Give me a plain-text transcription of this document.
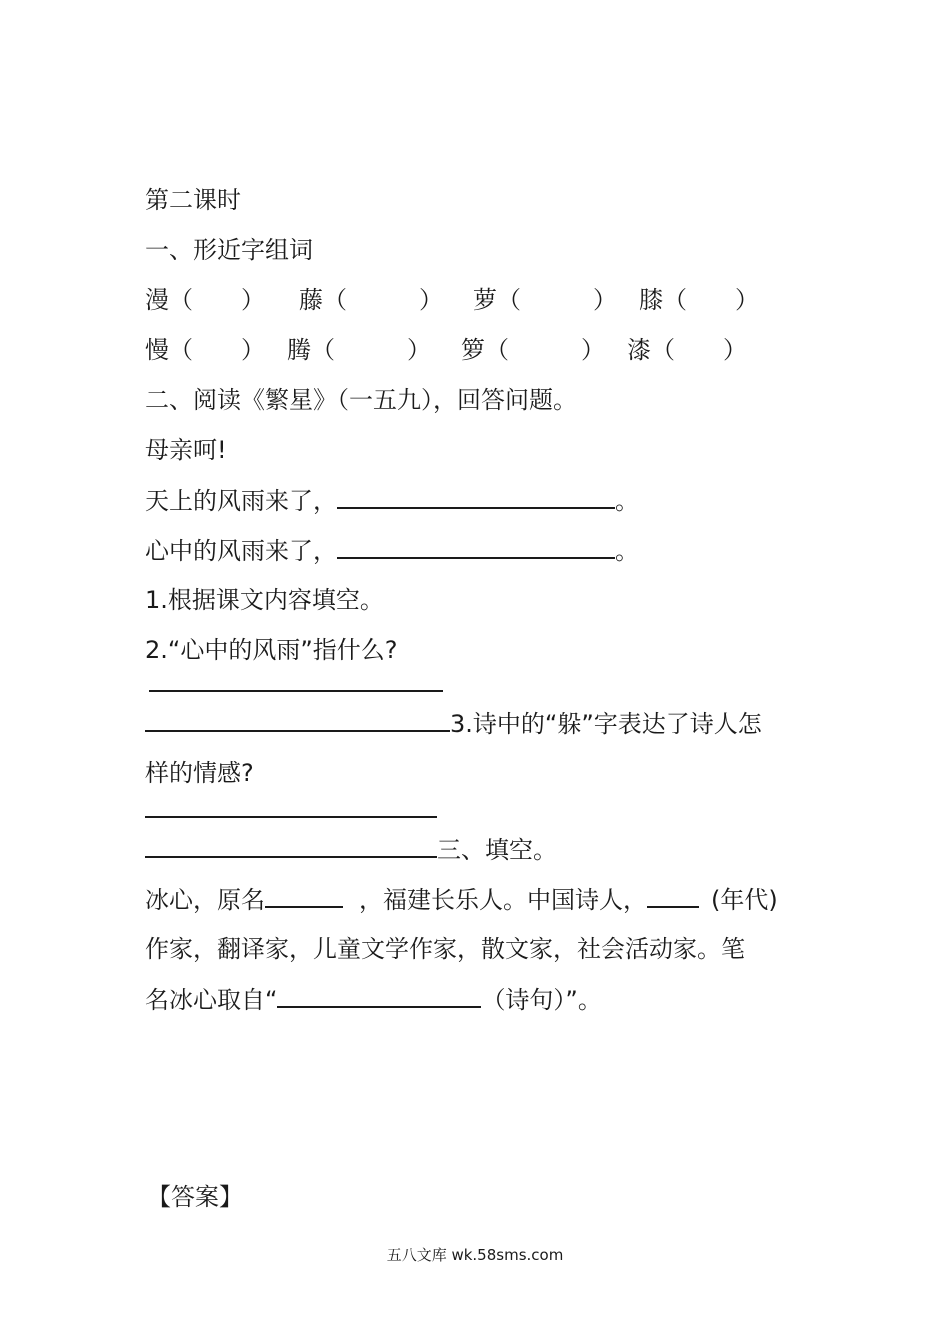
第二课时
一、形近字组词
漫（　　） 藤（　　　） 萝（　　　） 膝（　　）
慢（　　） 腾（　　　） 箩（　　　） 漆（　　）
二、阅读《繁星》（一五九），回答问题。
母亲呵!
天上的风雨来了，	。
心中的风雨来了，	。
1.根据课文内容填空。
2.“心中的风雨”指什么?
3.诗中的“躲”字表达了诗人怎
样的情感?
三、填空。
冰心，原名	，福建长乐人。中国诗人，	(年代)
作家，翻译家，儿童文学作家，散文家，社会活动家。笔
名冰心取自“	（诗句）”。
【答案】
五八文库 wk.58sms.com
